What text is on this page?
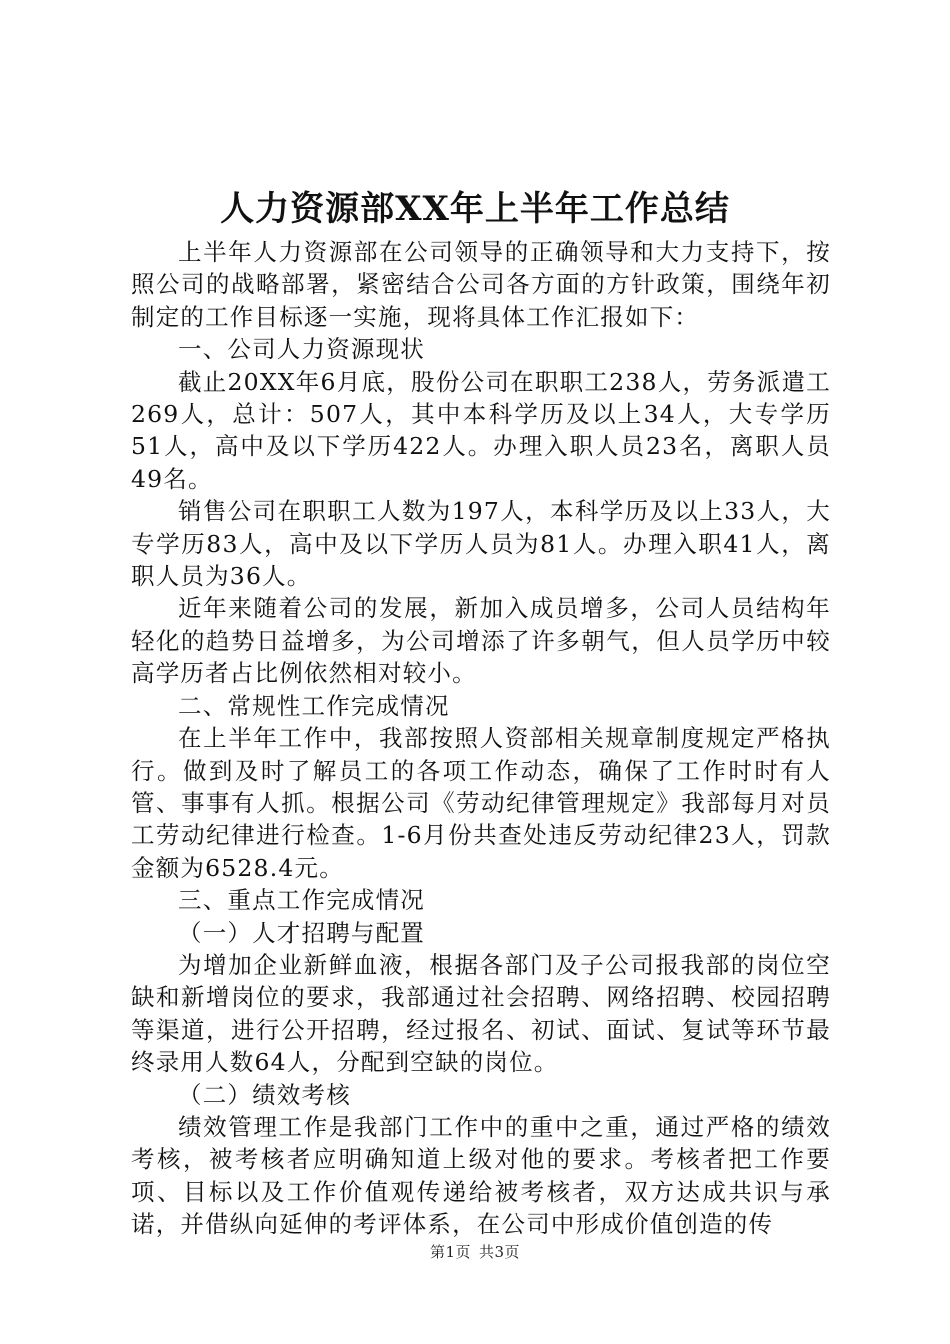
人力资源部XX年上半年工作总结

上半年人力资源部在公司领导的正确领导和大力支持下，按照公司的战略部署，紧密结合公司各方面的方针政策，围绕年初制定的工作目标逐一实施，现将具体工作汇报如下：

一、公司人力资源现状

截止20XX年6月底，股份公司在职职工238人，劳务派遣工269人，总计：507人，其中本科学历及以上34人，大专学历51人，高中及以下学历422人。办理入职人员23名，离职人员49名。

销售公司在职职工人数为197人，本科学历及以上33人，大专学历83人，高中及以下学历人员为81人。办理入职41人，离职人员为36人。

近年来随着公司的发展，新加入成员增多，公司人员结构年轻化的趋势日益增多，为公司增添了许多朝气，但人员学历中较高学历者占比例依然相对较小。

二、常规性工作完成情况

在上半年工作中，我部按照人资部相关规章制度规定严格执行。做到及时了解员工的各项工作动态，确保了工作时时有人管、事事有人抓。根据公司《劳动纪律管理规定》我部每月对员工劳动纪律进行检查。1-6月份共查处违反劳动纪律23人，罚款金额为6528.4元。

三、重点工作完成情况

（一）人才招聘与配置

为增加企业新鲜血液，根据各部门及子公司报我部的岗位空缺和新增岗位的要求，我部通过社会招聘、网络招聘、校园招聘等渠道，进行公开招聘，经过报名、初试、面试、复试等环节最终录用人数64人，分配到空缺的岗位。

（二）绩效考核

绩效管理工作是我部门工作中的重中之重，通过严格的绩效考核，被考核者应明确知道上级对他的要求。考核者把工作要项、目标以及工作价值观传递给被考核者，双方达成共识与承诺，并借纵向延伸的考评体系，在公司中形成价值创造的传

第1页 共3页
